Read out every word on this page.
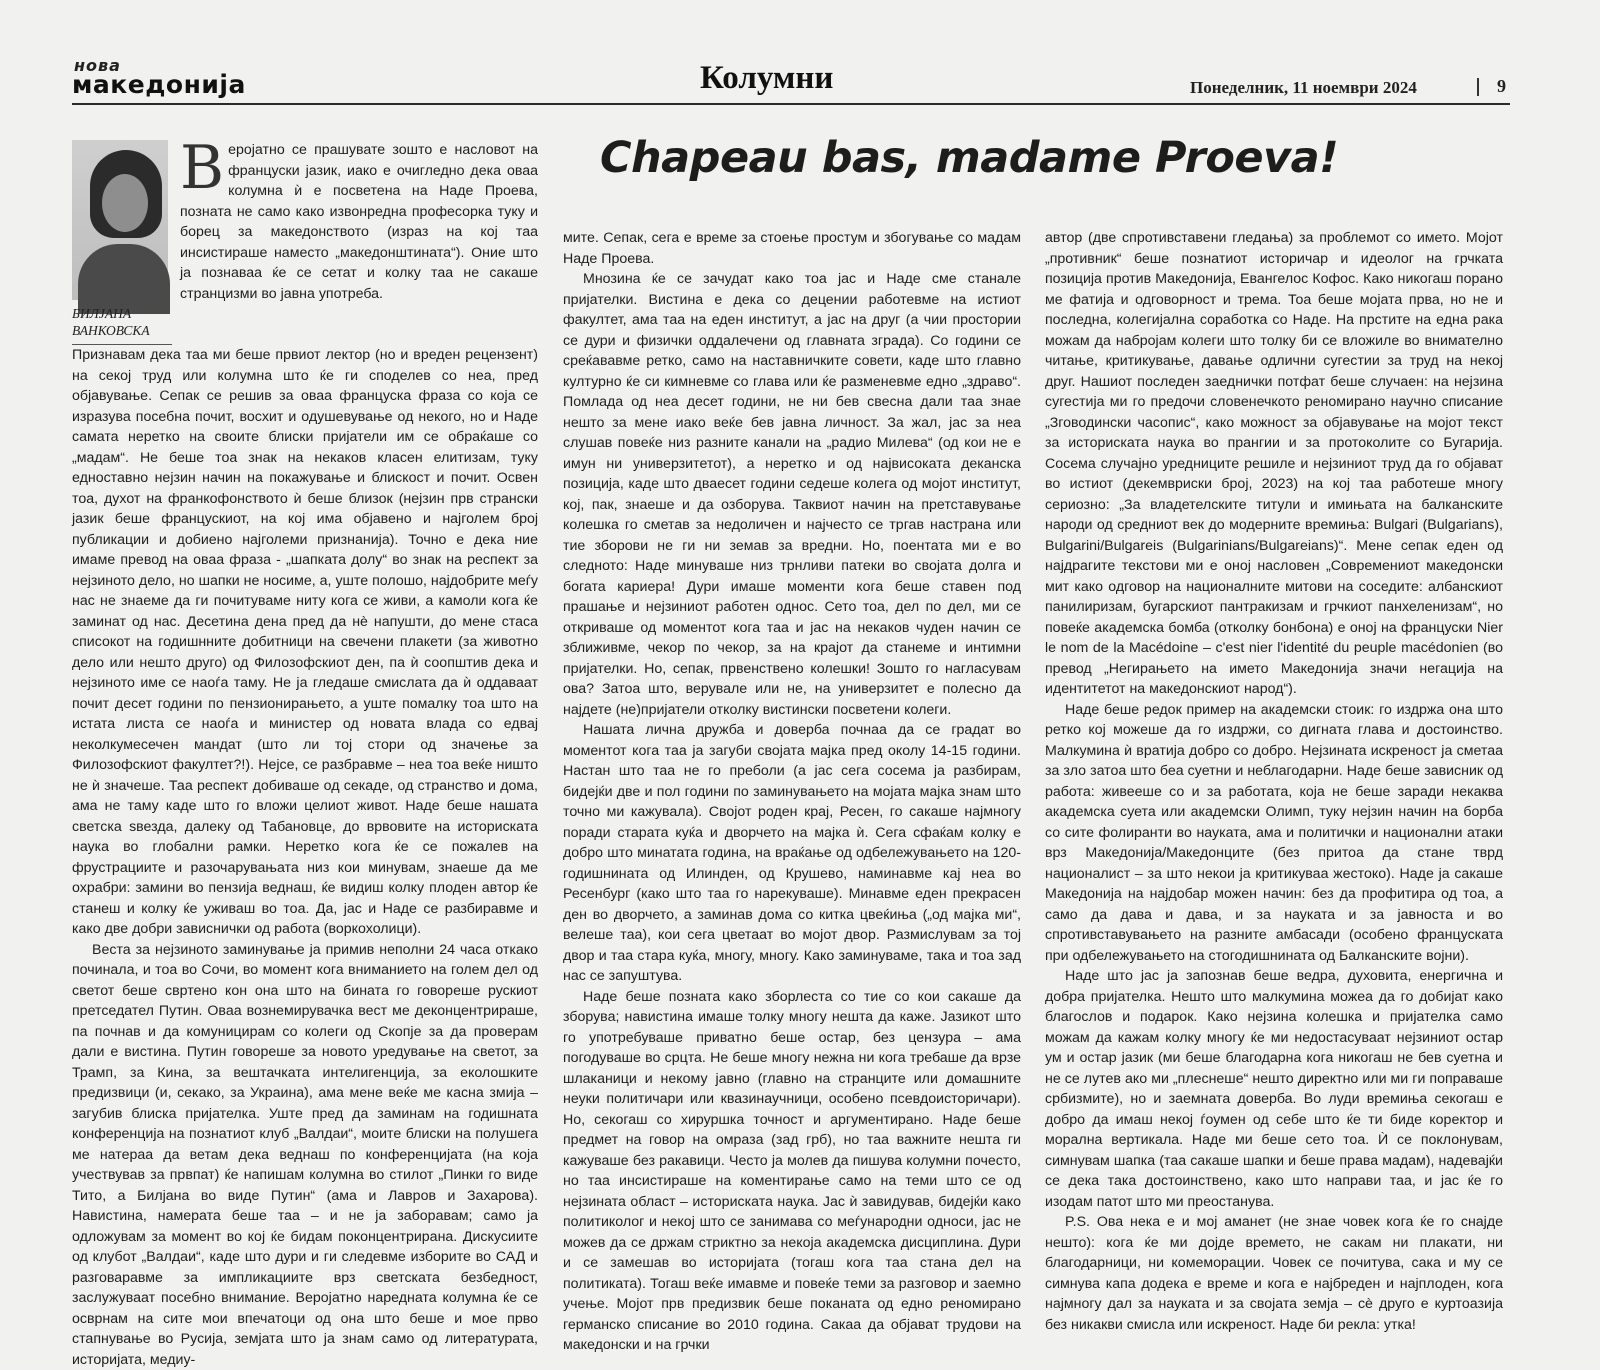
нова
македонија	Колумни	Понеделник, 11 ноември 2024	9
БИЛЈАНА
ВАНКОВСКА
Chapeau bas, madame Proeva!
Вероjатно се прашувате зошто е насловот на француски јазик, иако е очигледно дека оваа колумна ѝ е посветена на Наде Проева, позната не само како извонредна професорка туку и борец за македонството (израз на кој таа инсистираше наместо „македонштината“). Оние што ја познаваа ќе се сетат и колку таа не сакаше странцизми во јавна употреба.

Признавам дека таа ми беше првиот лектор (но и вреден рецензент) на секој труд или колумна што ќе ги споделев со неа, пред објавување. Сепак се решив за оваа француска фраза со која се изразува посебна почит, восхит и одушевување од некого, но и Наде самата неретко на своите блиски пријатели им се обраќаше со „мадам“. Не беше тоа знак на некаков класен елитизам, туку едноставно нејзин начин на покажување и блискост и почит. Освен тоа, духот на франкофонството ѝ беше близок (нејзин прв странски јазик беше францускиот, на кој има објавено и најголем број публикации и добиено најголеми признанија). Точно е дека ние имаме превод на оваа фраза - „шапката долу“ во знак на респект за нејзиното дело, но шапки не носиме, а, уште полошо, најдобрите меѓу нас не знаеме да ги почитуваме ниту кога се живи, а камоли кога ќе заминат од нас. Десетина дена пред да нè напушти, до мене стаса списокот на годишнните добитници на свечени плакети (за животно дело или нешто друго) од Филозофскиот ден, па ѝ соопштив дека и нејзиното име се наоѓа таму. Не ја гледаше смислата да ѝ оддаваат почит десет години по пензионирањето, а уште помалку тоа што на истата листа се наоѓа и министер од новата влада со едвај неколкумесечен мандат (што ли тој стори од значење за Филозофскиот факултет?!). Нејсе, се разбравме – неа тоа веќе ништо не ѝ значеше. Таа респект добиваше од секаде, од странство и дома, ама не таму каде што го вложи целиот живот. Наде беше нашата светска ѕвезда, далеку од Табановце, до врвовите на историската наука во глобални рамки. Неретко кога ќе се пожалев на фрустрациите и разочарувањата низ кои минувам, знаеше да ме охрабри: замини во пензија веднаш, ќе видиш колку плоден автор ќе станеш и колку ќе уживаш во тоа. Да, јас и Наде се разбиравме и како две добри зависнички од работа (воркохолици).

Веста за нејзиното заминување ја примив неполни 24 часа откако починала, и тоа во Сочи, во момент кога вниманието на голем дел од светот беше свртено кон она што на бината го говореше рускиот претседател Путин. Оваа вознемирувачка вест ме деконцентрираше, па почнав и да комуницирам со колеги од Скопје за да проверам дали е вистина. Путин говореше за новото уредување на светот, за Трамп, за Кина, за вештачката интелигенција, за еколошките предизвици (и, секако, за Украина), ама мене веќе ме касна змија – загубив блиска пријателка. Уште пред да заминам на годишната конференција на познатиот клуб „Валдаи“, моите блиски на полушега ме натераа да ветам дека веднаш по конференцијата (на која учествував за првпат) ќе напишам колумна во стилот „Пинки го виде Тито, а Билјана во виде Путин“ (ама и Лавров и Захарова). Навистина, намерата беше таа – и не ја заборавам; само ја одложувам за момент во кој ќе бидам поконцентрирана. Дискусиите од клубот „Валдаи“, каде што дури и ги следевме изборите во САД и разговаравме за импликациите врз светската безбедност, заслужуваат посебно внимание. Веројатно наредната колумна ќе се осврнам на сите мои впечатоци од она што беше и мое прво стапнување во Русија, земјата што ја знам само од литературата, историјата, медиу-

мите. Сепак, сега е време за стоење простум и збогување со мадам Наде Проева.

Мнозина ќе се зачудат како тоа јас и Наде сме станале пријателки. Вистина е дека со децении работевме на истиот факултет, ама таа на еден институт, а јас на друг (а чии простории се дури и физички оддалечени од главната зграда). Со години се среќававме ретко, само на наставничките совети, каде што главно културно ќе си кимневме со глава или ќе разменевме едно „здраво“. Помлада од неа десет години, не ни бев свесна дали таа знае нешто за мене иако веќе бев јавна личност. За жал, јас за неа слушав повеќе низ разните канали на „радио Милева“ (од кои не е имун ни универзитетот), а неретко и од највисоката деканска позиција, каде што дваесет години седеше колега од мојот институт, кој, пак, знаеше и да озборува. Таквиот начин на претставување колешка го сметав за недоличен и најчесто се тргав настрана или тие зборови не ги ни земав за вредни. Но, поентата ми е во следното: Наде минуваше низ трнливи патеки во својата долга и богата кариера! Дури имаше моменти кога беше ставен под прашање и нејзиниот работен однос. Сето тоа, дел по дел, ми се откриваше од моментот кога таа и јас на некаков чуден начин се зближивме, чекор по чекор, за на крајот да станеме и интимни пријателки. Но, сепак, првенствено колешки! Зошто го нагласувам ова? Затоа што, верувале или не, на универзитет е полесно да најдете (не)пријатели отколку вистински посветени колеги.

Нашата лична дружба и доверба почнаа да се градат во моментот кога таа ја загуби својата мајка пред околу 14-15 години. Настан што таа не го преболи (а јас сега сосема ја разбирам, бидејќи две и пол години по заминувањето на мојата мајка знам што точно ми кажувала). Својот роден крај, Ресен, го сакаше најмногу поради старата куќа и дворчето на мајка ѝ. Сега сфаќам колку е добро што минатата година, на враќање од одбележувањето на 120-годишнината од Илинден, од Крушево, наминавме кај неа во Ресенбург (како што таа го нарекуваше). Минавме еден прекрасен ден во дворчето, а заминав дома со китка цвеќиња („од мајка ми“, велеше таа), кои сега цветаат во мојот двор. Размислувам за тој двор и таа стара куќа, многу, многу. Како заминуваме, така и тоа зад нас се запуштува.

Наде беше позната како зборлеста со тие со кои сакаше да зборува; навистина имаше толку многу нешта да каже. Јазикот што го употребуваше приватно беше остар, без цензура – ама погодуваше во срцта. Не беше многу нежна ни кога требаше да врзе шлаканици и некому јавно (главно на странците или домашните неуки политичари или квазинаучници, особено псевдоисторичари). Но, секогаш со хируршка точност и аргументирано. Наде беше предмет на говор на омраза (зад грб), но таа важните нешта ги кажуваше без ракавици. Често ја молев да пишува колумни почесто, но таа инсистираше на коментирање само на теми што се од нејзината област – историската наука. Јас ѝ завидував, бидејќи како политиколог и некој што се занимава со меѓународни односи, јас не можев да се држам стриктно за некоја академска дисциплина. Дури и се замешав во историјата (тогаш кога таа стана дел на политиката). Тогаш веќе имавме и повеќе теми за разговор и заемно учење. Мојот прв предизвик беше поканата од едно реномирано германско списание во 2010 година. Сакаа да објават трудови на македонски и на грчки

автор (две спротивставени гледања) за проблемот со името. Мојот „противник“ беше познатиот историчар и идеолог на грчката позиција против Македонија, Евангелос Кофос. Како никогаш порано ме фатија и одговорност и трема. Тоа беше мојата прва, но не и последна, колегијална соработка со Наде. На прстите на една рака можам да набројам колеги што толку би се вложиле во внимателно читање, критикување, давање одлични сугестии за труд на некој друг. Нашиот последен заеднички потфат беше случаен: на нејзина сугестија ми го предочи словенечкото реномирано научно списание „Зговодински часопис“, како можност за објавување на мојот текст за историската наука во прангии и за протоколите со Бугарија. Сосема случајно уредниците решиле и нејзиниот труд да го објават во истиот (декемвриски број, 2023) на кој таа работеше многу сериозно: „За владетелските титули и имињата на балканските народи од средниот век до модерните времиња: Bulgari (Bulgarians), Bulgarini/Bulgareis (Bulgarinians/Bulgareians)“. Мене сепак еден од најдрагите текстови ми е оној насловен „Современиот македонски мит како одговор на националните митови на соседите: албанскиот панилиризам, бугарскиот пантракизам и грчкиот панхеленизам“, но повеќе академска бомба (отколку бонбона) е оној на француски Nier le nom de la Macédoine – c'est nier l'identité du peuple macédonien (во превод „Негирањето на името Македонија значи негација на идентитетот на македонскиот народ“).

Наде беше редок пример на академски стоик: го издржа она што ретко кој можеше да го издржи, со дигната глава и достоинство. Малкумина ѝ вратија добро со добро. Нејзината искреност ја сметаа за зло затоа што беа суетни и неблагодарни. Наде беше зависник од работа: живееше со и за работата, која не беше заради некаква академска суета или академски Олимп, туку нејзин начин на борба со сите фолиранти во науката, ама и политички и национални атаки врз Македонија/Македонците (без притоа да стане тврд националист – за што некои ја критикуваа жестоко). Наде ја сакаше Македонија на најдобар можен начин: без да профитира од тоа, а само да дава и дава, и за науката и за јавноста и во спротивставувањето на разните амбасади (особено француската при одбележувањето на стогодишнината од Балканските војни).

Наде што јас ја запознав беше ведра, духовита, енергична и добра пријателка. Нешто што малкумина можеа да го добијат како благослов и подарок. Како нејзина колешка и пријателка само можам да кажам колку многу ќе ми недостасуваат нејзиниот остар ум и остар јазик (ми беше благодарна кога никогаш не бев суетна и не се лутев ако ми „плеснеше“ нешто директно или ми ги поправаше србизмите), но и заемната доверба. Во луди времиња секогаш е добро да имаш некој ѓоумен од себе што ќе ти биде коректор и морална вертикала. Наде ми беше сето тоа. Ѝ се поклонувам, симнувам шапка (таа сакаше шапки и беше права мадам), надевајќи се дека така достоинствено, како што направи таа, и јас ќе го изодам патот што ми преостанува.

P.S. Ова нека е и мој аманет (не знае човек кога ќе го снајде нешто): кога ќе ми дојде времето, не сакам ни плакати, ни благодарници, ни комеморации. Човек се почитува, сака и му се симнува капа додека е време и кога е најбреден и најплоден, кога најмногу дал за науката и за својата земја – сè друго е куртоазија без никакви смисла или искреност. Наде би рекла: утка!
